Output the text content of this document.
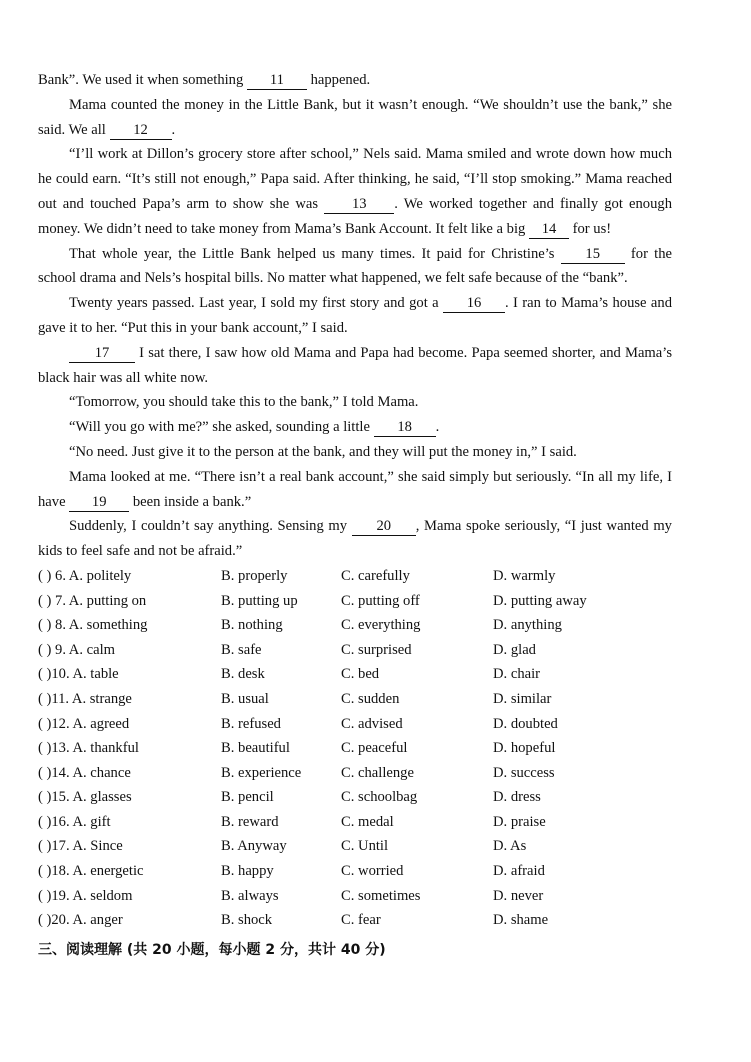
Bank”. We used it when something 11 happened.

Mama counted the money in the Little Bank, but it wasn’t enough. “We shouldn’t use the bank,” she said. We all 12 .

“I’ll work at Dillon’s grocery store after school,” Nels said. Mama smiled and wrote down how much he could earn. “It’s still not enough,” Papa said. After thinking, he said, “I’ll stop smoking.” Mama reached out and touched Papa’s arm to show she was 13 . We worked together and finally got enough money. We didn’t need to take money from Mama’s Bank Account. It felt like a big 14 for us!

That whole year, the Little Bank helped us many times. It paid for Christine’s 15 for the school drama and Nels’s hospital bills. No matter what happened, we felt safe because of the “bank”.

Twenty years passed. Last year, I sold my first story and got a 16 . I ran to Mama’s house and gave it to her. “Put this in your bank account,” I said.

17 I sat there, I saw how old Mama and Papa had become. Papa seemed shorter, and Mama’s black hair was all white now.

“Tomorrow, you should take this to the bank,” I told Mama.

“Will you go with me?” she asked, sounding a little 18 .

“No need. Just give it to the person at the bank, and they will put the money in,” I said.

Mama looked at me. “There isn’t a real bank account,” she said simply but seriously. “In all my life, I have 19 been inside a bank.”

Suddenly, I couldn’t say anything. Sensing my 20 , Mama spoke seriously, “I just wanted my kids to feel safe and not be afraid.”

( ) 6. A. politely	B. properly	C. carefully	D. warmly
( ) 7. A. putting on	B. putting up	C. putting off	D. putting away
( ) 8. A. something	B. nothing	C. everything	D. anything
( ) 9. A. calm	B. safe	C. surprised	D. glad
( )10. A. table	B. desk	C. bed	D. chair
( )11. A. strange	B. usual	C. sudden	D. similar
( )12. A. agreed	B. refused	C. advised	D. doubted
( )13. A. thankful	B. beautiful	C. peaceful	D. hopeful
( )14. A. chance	B. experience	C. challenge	D. success
( )15. A. glasses	B. pencil	C. schoolbag	D. dress
( )16. A. gift	B. reward	C. medal	D. praise
( )17. A. Since	B. Anyway	C. Until	D. As
( )18. A. energetic	B. happy	C. worried	D. afraid
( )19. A. seldom	B. always	C. sometimes	D. never
( )20. A. anger	B. shock	C. fear	D. shame
三、阅读理解 (共 20 小题，每小题 2 分，共计 40 分)
